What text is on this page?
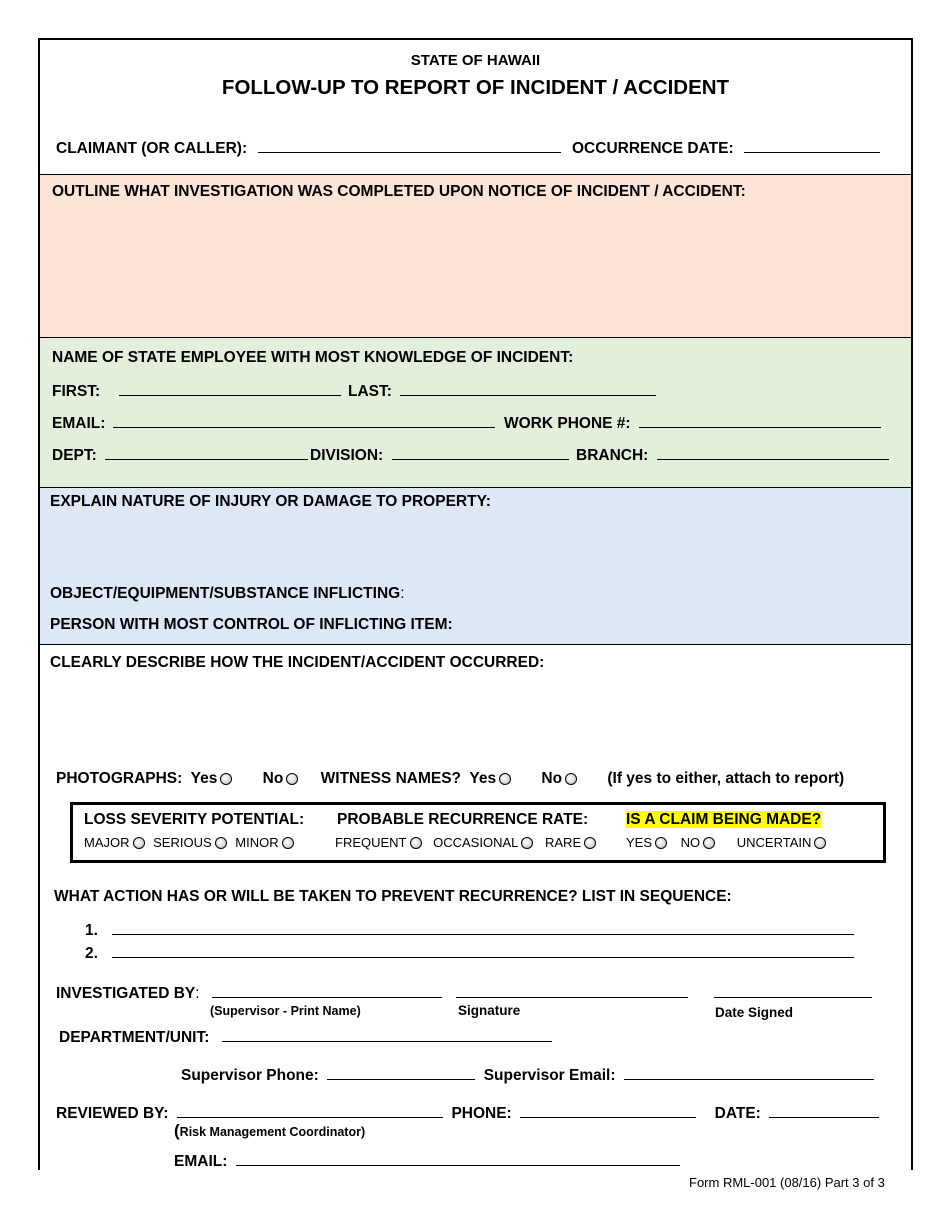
STATE OF HAWAII
FOLLOW-UP TO REPORT OF INCIDENT / ACCIDENT
CLAIMANT (OR CALLER):	OCCURRENCE DATE:
OUTLINE WHAT INVESTIGATION WAS COMPLETED UPON NOTICE OF INCIDENT / ACCIDENT:
NAME OF STATE EMPLOYEE WITH MOST KNOWLEDGE OF INCIDENT:
FIRST:	LAST:
EMAIL:	WORK PHONE #:
DEPT:	DIVISION:	BRANCH:
EXPLAIN NATURE OF INJURY OR DAMAGE TO PROPERTY:
OBJECT/EQUIPMENT/SUBSTANCE INFLICTING:
PERSON WITH MOST CONTROL OF INFLICTING ITEM:
CLEARLY DESCRIBE HOW THE INCIDENT/ACCIDENT OCCURRED:
PHOTOGRAPHS: Yes	No WITNESS NAMES? Yes	No	(If yes to either, attach to report)
LOSS SEVERITY POTENTIAL:
MAJOR SERIOUS MINOR
PROBABLE RECURRENCE RATE:
FREQUENT OCCASIONAL RARE
IS A CLAIM BEING MADE?
YES NO	UNCERTAIN
WHAT ACTION HAS OR WILL BE TAKEN TO PREVENT RECURRENCE? LIST IN SEQUENCE:
1.
2.
INVESTIGATED BY:
(Supervisor - Print Name)	Signature	Date Signed
DEPARTMENT/UNIT:
Supervisor Phone:	Supervisor Email:
REVIEWED BY:	PHONE:	DATE:
(Risk Management Coordinator)
EMAIL:
Form RML-001 (08/16) Part 3 of 3
